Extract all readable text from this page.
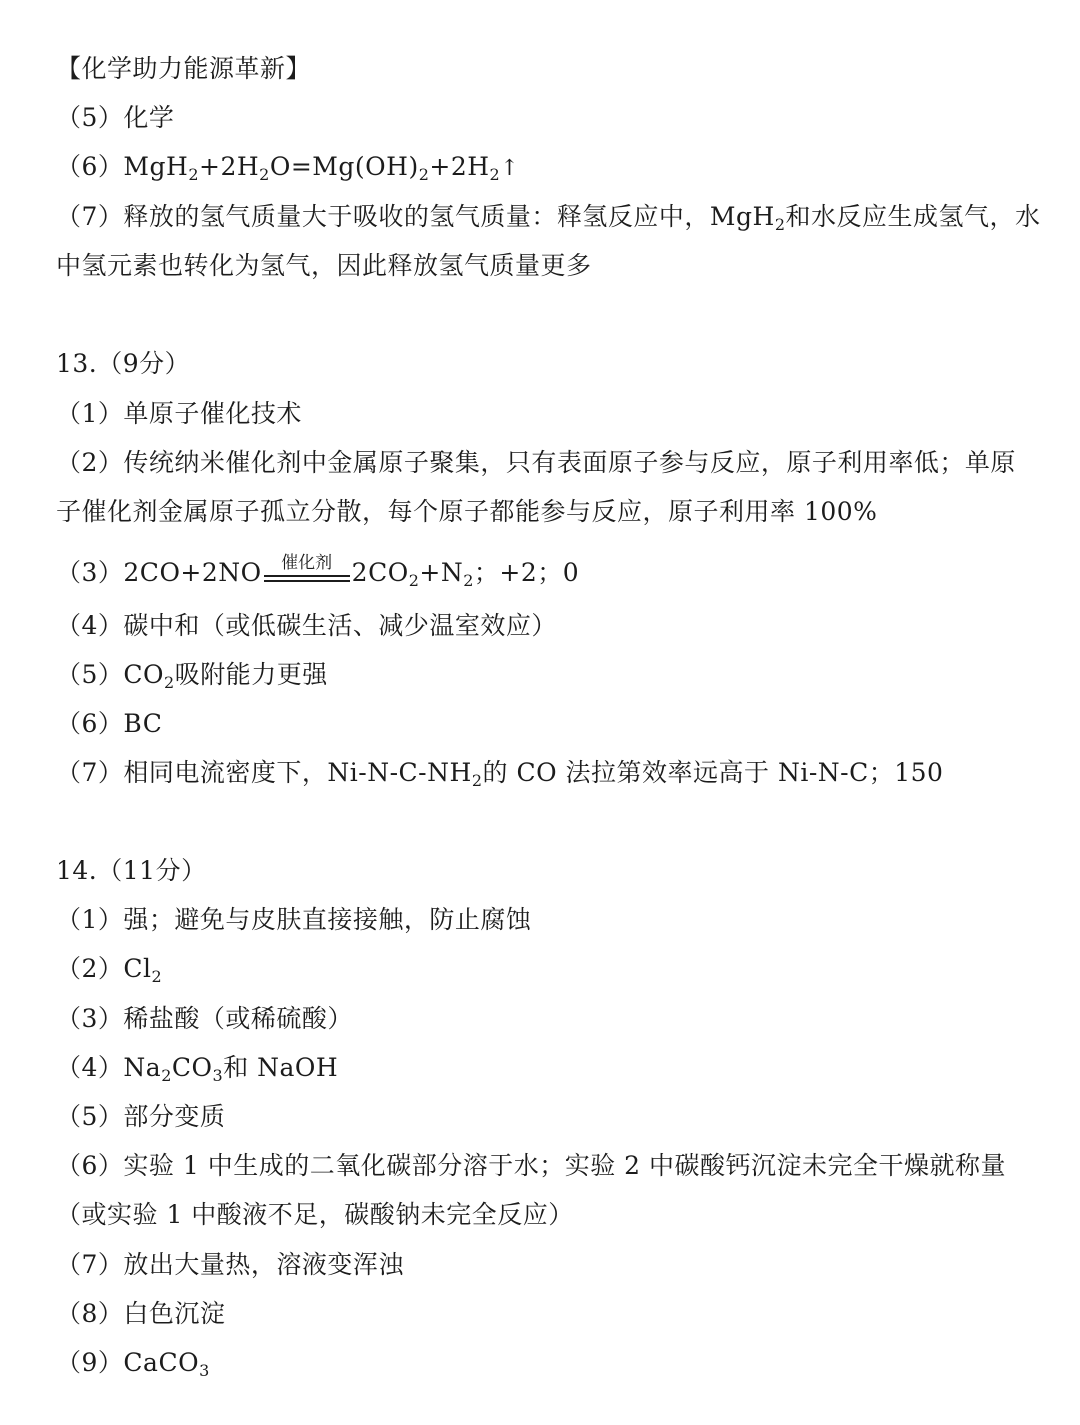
【化学助力能源革新】
（5）化学
$(6)MgH_2+2H_2O=Mg(OH)_2+2H_2↑$
（7）释放的氢气质量大于吸收的氢气质量：释氢反应中，MgH$_2$和水反应生成氢气，水
中氢元素也转化为氢气，因此释放氢气质量更多
13.（9分）
（1）单原子催化技术
（2）传统纳米催化剂中金属原子聚集，只有表面原子参与反应，原子利用率低；单原
子催化剂金属原子孤立分散，每个原子都能参与反应，原子利用率 100%
（3）2CO+2NO	催化剂 $2CO_2+N_2$；+2；0
（4）碳中和（或低碳生活、减少温室效应）
$(5)CO_2$吸附能力更强
（6）BC
（7）相同电流密度下，$Ni-N-C-NH_2$的 CO 法拉第效率远高于 Ni-N-C；150
14.（11分）
（1）强；避免与皮肤直接接触，防止腐蚀
$(2)Cl_2$
（3）稀盐酸（或稀硫酸）
$(4)Na_2CO_3$和 NaOH
（5）部分变质
（6）实验 1 中生成的二氧化碳部分溶于水；实验 2 中碳酸钙沉淀未完全干燥就称量
（或实验 1 中酸液不足，碳酸钠未完全反应）
（7）放出大量热，溶液变浑浊
（8）白色沉淀
（9）CaCO$_3$
